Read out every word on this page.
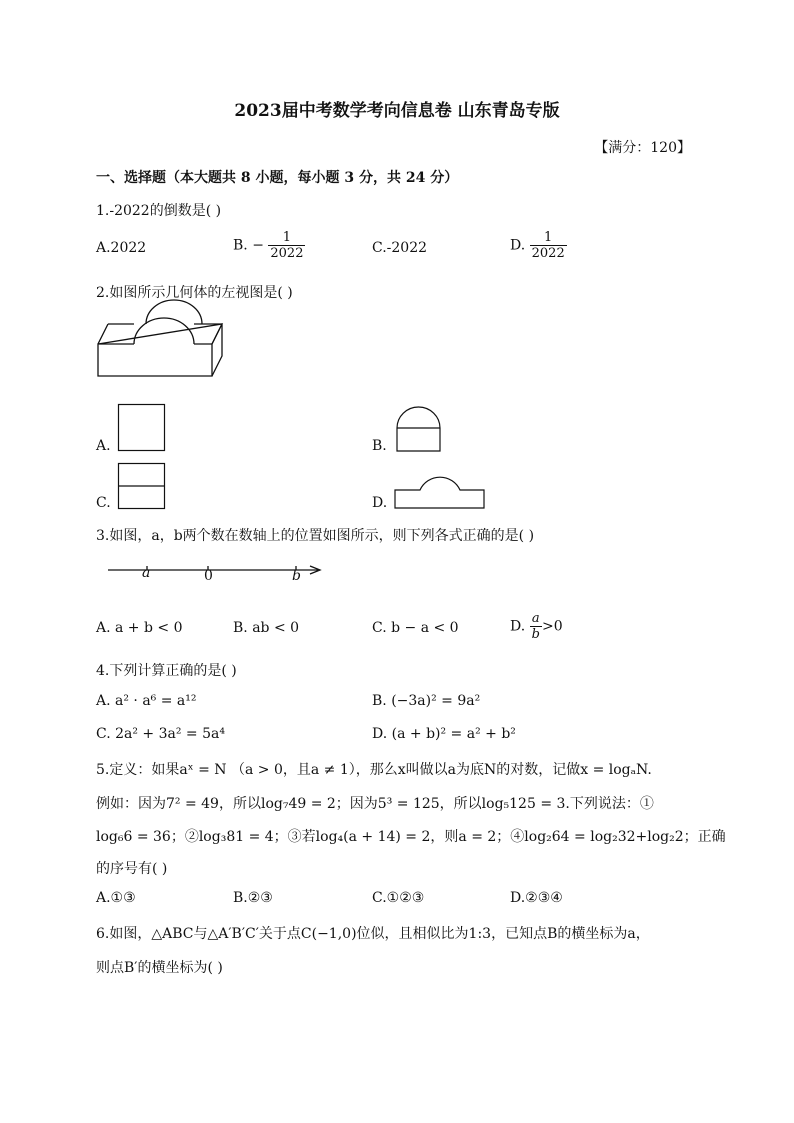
2023届中考数学考向信息卷 山东青岛专版
【满分：120】
一、选择题（本大题共 8 小题，每小题 3 分，共 24 分）
1.-2022的倒数是( )
A.2022	B. − $\frac{1}{2022}$	C.-2022	D. $\frac{1}{2022}$
2.如图所示几何体的左视图是( )
A.	B.
C.	D.
3.如图，a，b两个数在数轴上的位置如图所示，则下列各式正确的是( )
a	0	b
A. a + b < 0	B. ab < 0	C. b − a < 0	D. $\frac{a}{b} >0$
4.下列计算正确的是( )
A. a² · a⁶ = a¹²	B. (−3a)² = 9a²
C. 2a² + 3a² = 5a⁴	D. (a + b)² = a² + b²
5.定义：如果aˣ = N （a > 0，且a ≠ 1），那么x叫做以a为底N的对数，记做x = logₐN.
例如：因为7² = 49，所以log₇49 = 2；因为5³ = 125，所以log₅125 = 3.下列说法：①
log₆6 = 36；②log₃81 = 4；③若log₄(a + 14) = 2，则a = 2；④log₂64 = log₂32+log₂2；正确
的序号有( )
A.①③	B.②③	C.①②③	D.②③④
6.如图，△ABC与△A′B′C′关于点C(−1,0)位似，且相似比为1:3，已知点B的横坐标为a，
则点B′的横坐标为( )
